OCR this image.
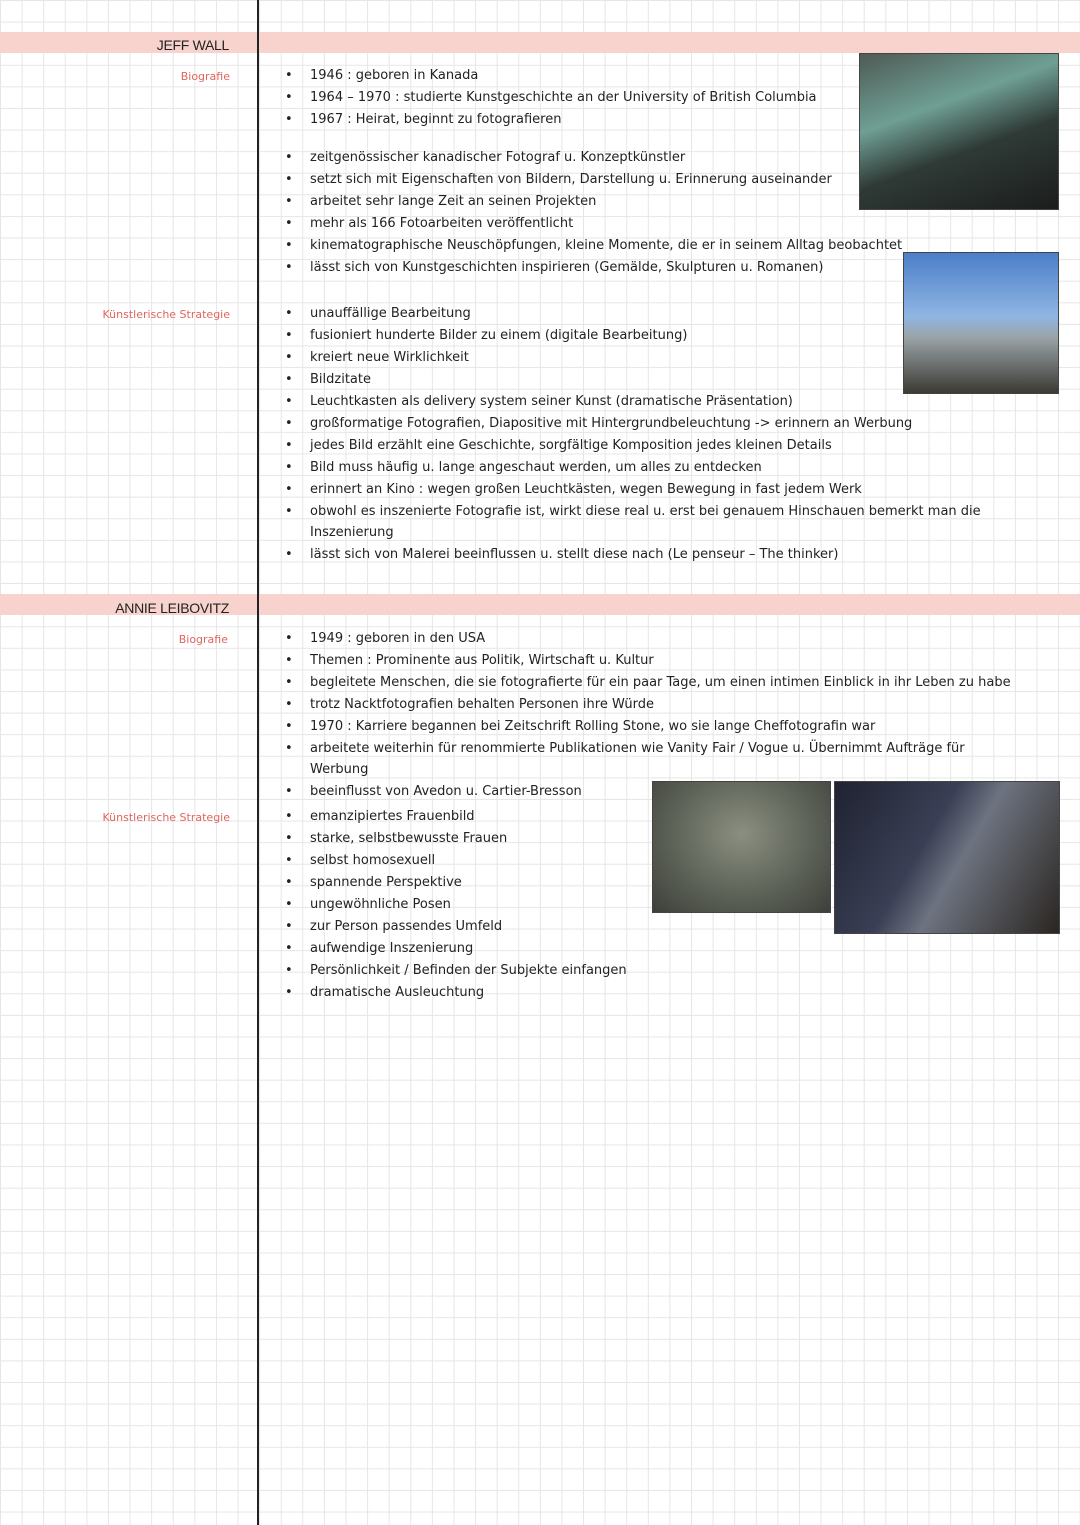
JEFF WALL
Biografie
Künstlerische Strategie
• 1946 : geboren in Kanada
• 1964 – 1970 : studierte Kunstgeschichte an der University of British Columbia
• 1967 : Heirat, beginnt zu fotografieren
• zeitgenössischer kanadischer Fotograf u. Konzeptkünstler
• setzt sich mit Eigenschaften von Bildern, Darstellung u. Erinnerung auseinander
• arbeitet sehr lange Zeit an seinen Projekten
• mehr als 166 Fotoarbeiten veröffentlicht
• kinematographische Neuschöpfungen, kleine Momente, die er in seinem Alltag beobachtet
• lässt sich von Kunstgeschichten inspirieren (Gemälde, Skulpturen u. Romanen)
• unauffällige Bearbeitung
• fusioniert hunderte Bilder zu einem (digitale Bearbeitung)
• kreiert neue Wirklichkeit
• Bildzitate
• Leuchtkasten als delivery system seiner Kunst (dramatische Präsentation)
• großformatige Fotografien, Diapositive mit Hintergrundbeleuchtung -> erinnern an Werbung
• jedes Bild erzählt eine Geschichte, sorgfältige Komposition jedes kleinen Details
• Bild muss häufig u. lange angeschaut werden, um alles zu entdecken
• erinnert an Kino : wegen großen Leuchtkästen, wegen Bewegung in fast jedem Werk
• obwohl es inszenierte Fotografie ist, wirkt diese real u. erst bei genauem Hinschauen bemerkt man die Inszenierung
• lässt sich von Malerei beeinflussen u. stellt diese nach (Le penseur – The thinker)
ANNIE LEIBOVITZ
Biografie
Künstlerische Strategie
• 1949 : geboren in den USA
• Themen : Prominente aus Politik, Wirtschaft u. Kultur
• begleitete Menschen, die sie fotografierte für ein paar Tage, um einen intimen Einblick in ihr Leben zu habe
• trotz Nacktfotografien behalten Personen ihre Würde
• 1970 : Karriere begannen bei Zeitschrift Rolling Stone, wo sie lange Cheffotografin war
• arbeitete weiterhin für renommierte Publikationen wie Vanity Fair / Vogue u. Übernimmt Aufträge für Werbung
• beeinflusst von Avedon u. Cartier-Bresson
• emanzipiertes Frauenbild
• starke, selbstbewusste Frauen
• selbst homosexuell
• spannende Perspektive
• ungewöhnliche Posen
• zur Person passendes Umfeld
• aufwendige Inszenierung
• Persönlichkeit / Befinden der Subjekte einfangen
• dramatische Ausleuchtung
